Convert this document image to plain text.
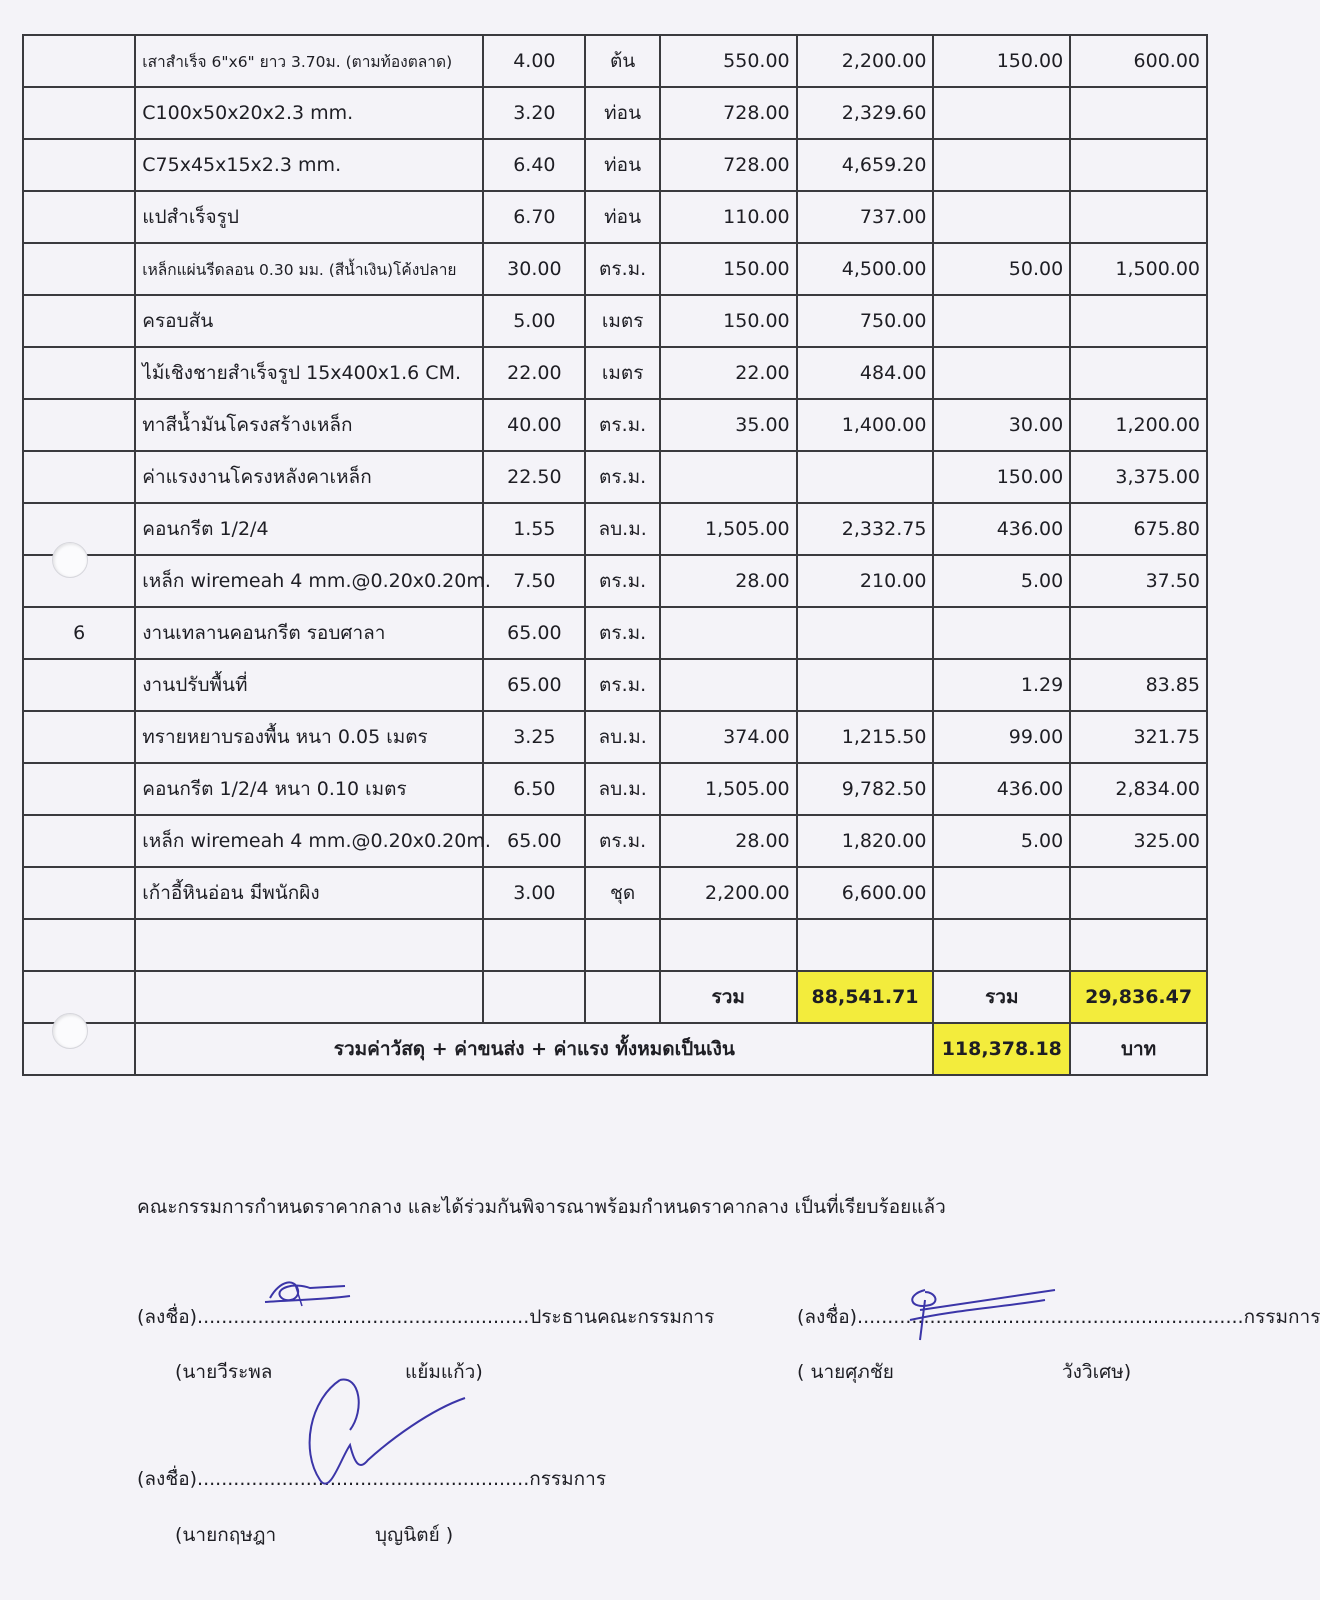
	เสาสำเร็จ 6"x6" ยาว 3.70ม. (ตามท้องตลาด)	4.00	ต้น	550.00	2,200.00	150.00	600.00
	C100x50x20x2.3 mm.	3.20	ท่อน	728.00	2,329.60		
	C75x45x15x2.3 mm.	6.40	ท่อน	728.00	4,659.20		
	แปสำเร็จรูป	6.70	ท่อน	110.00	737.00		
	เหล็กแผ่นรีดลอน 0.30 มม. (สีน้ำเงิน)โค้งปลาย	30.00	ตร.ม.	150.00	4,500.00	50.00	1,500.00
	ครอบสัน	5.00	เมตร	150.00	750.00		
	ไม้เชิงชายสำเร็จรูป 15x400x1.6 CM.	22.00	เมตร	22.00	484.00		
	ทาสีน้ำมันโครงสร้างเหล็ก	40.00	ตร.ม.	35.00	1,400.00	30.00	1,200.00
	ค่าแรงงานโครงหลังคาเหล็ก	22.50	ตร.ม.			150.00	3,375.00
	คอนกรีต 1/2/4	1.55	ลบ.ม.	1,505.00	2,332.75	436.00	675.80
	เหล็ก wiremeah 4 mm.@0.20x0.20m.	7.50	ตร.ม.	28.00	210.00	5.00	37.50
6	งานเทลานคอนกรีต รอบศาลา	65.00	ตร.ม.				
	งานปรับพื้นที่	65.00	ตร.ม.			1.29	83.85
	ทรายหยาบรองพื้น หนา 0.05 เมตร	3.25	ลบ.ม.	374.00	1,215.50	99.00	321.75
	คอนกรีต 1/2/4 หนา 0.10 เมตร	6.50	ลบ.ม.	1,505.00	9,782.50	436.00	2,834.00
	เหล็ก wiremeah 4 mm.@0.20x0.20m.	65.00	ตร.ม.	28.00	1,820.00	5.00	325.00
	เก้าอี้หินอ่อน มีพนักผิง	3.00	ชุด	2,200.00	6,600.00		

				รวม	88,541.71	รวม	29,836.47
	รวมค่าวัสดุ + ค่าขนส่ง + ค่าแรง ทั้งหมดเป็นเงิน					118,378.18	บาท
คณะกรรมการกำหนดราคากลาง และได้ร่วมกันพิจารณาพร้อมกำหนดราคากลาง เป็นที่เรียบร้อยแล้ว
(ลงชื่อ).......................................................ประธานคณะกรรมการ
(นายวีระพล	แย้มแก้ว)
(ลงชื่อ)................................................................กรรมการ
( นายศุภชัย	วังวิเศษ)
(ลงชื่อ).......................................................กรรมการ
(นายกฤษฎา	บุญนิตย์ )
